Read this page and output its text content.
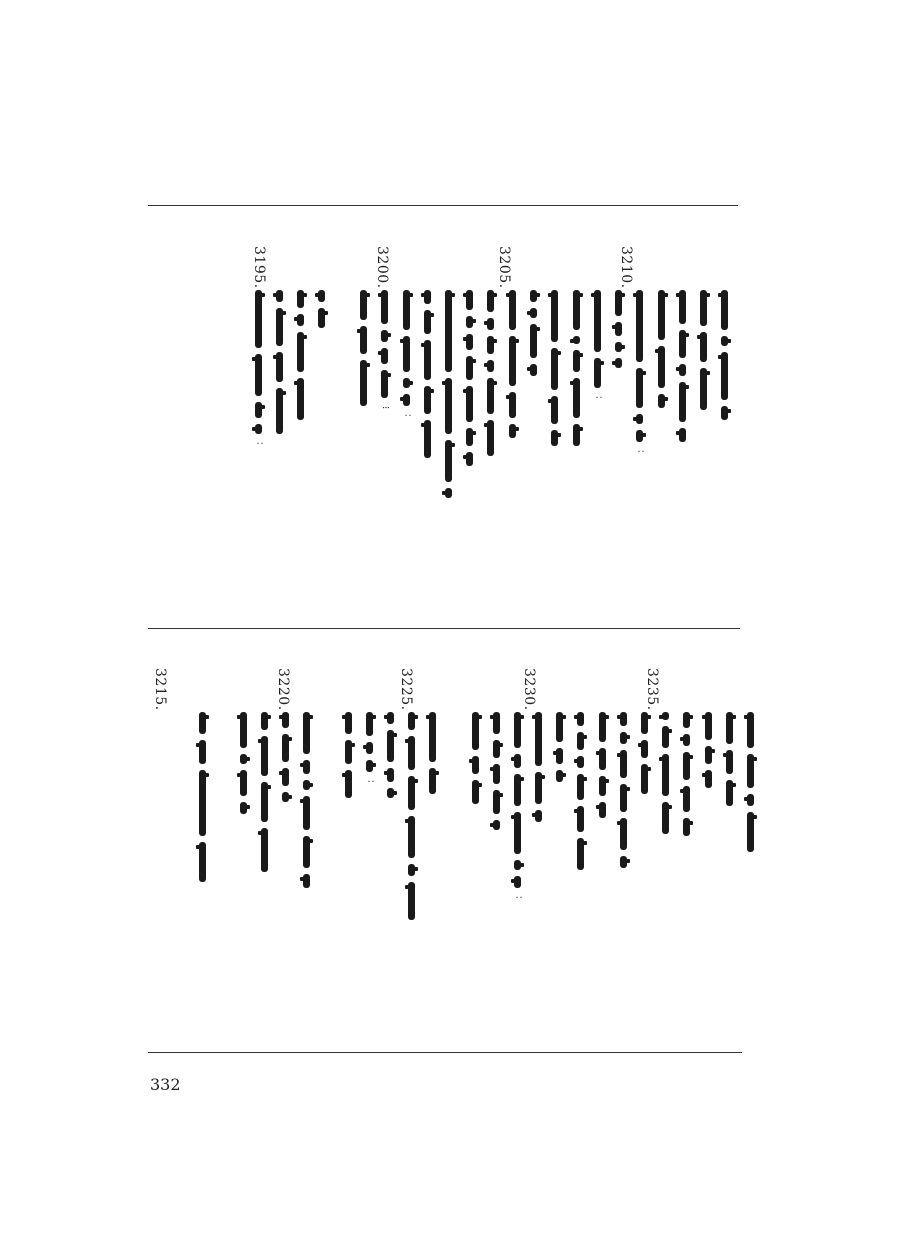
3210.
3205.
3200.
3195.
3235.
3230.
3225.
3220.
3215.
∶
∶
∶
⁝
∶
∶
∶
332
